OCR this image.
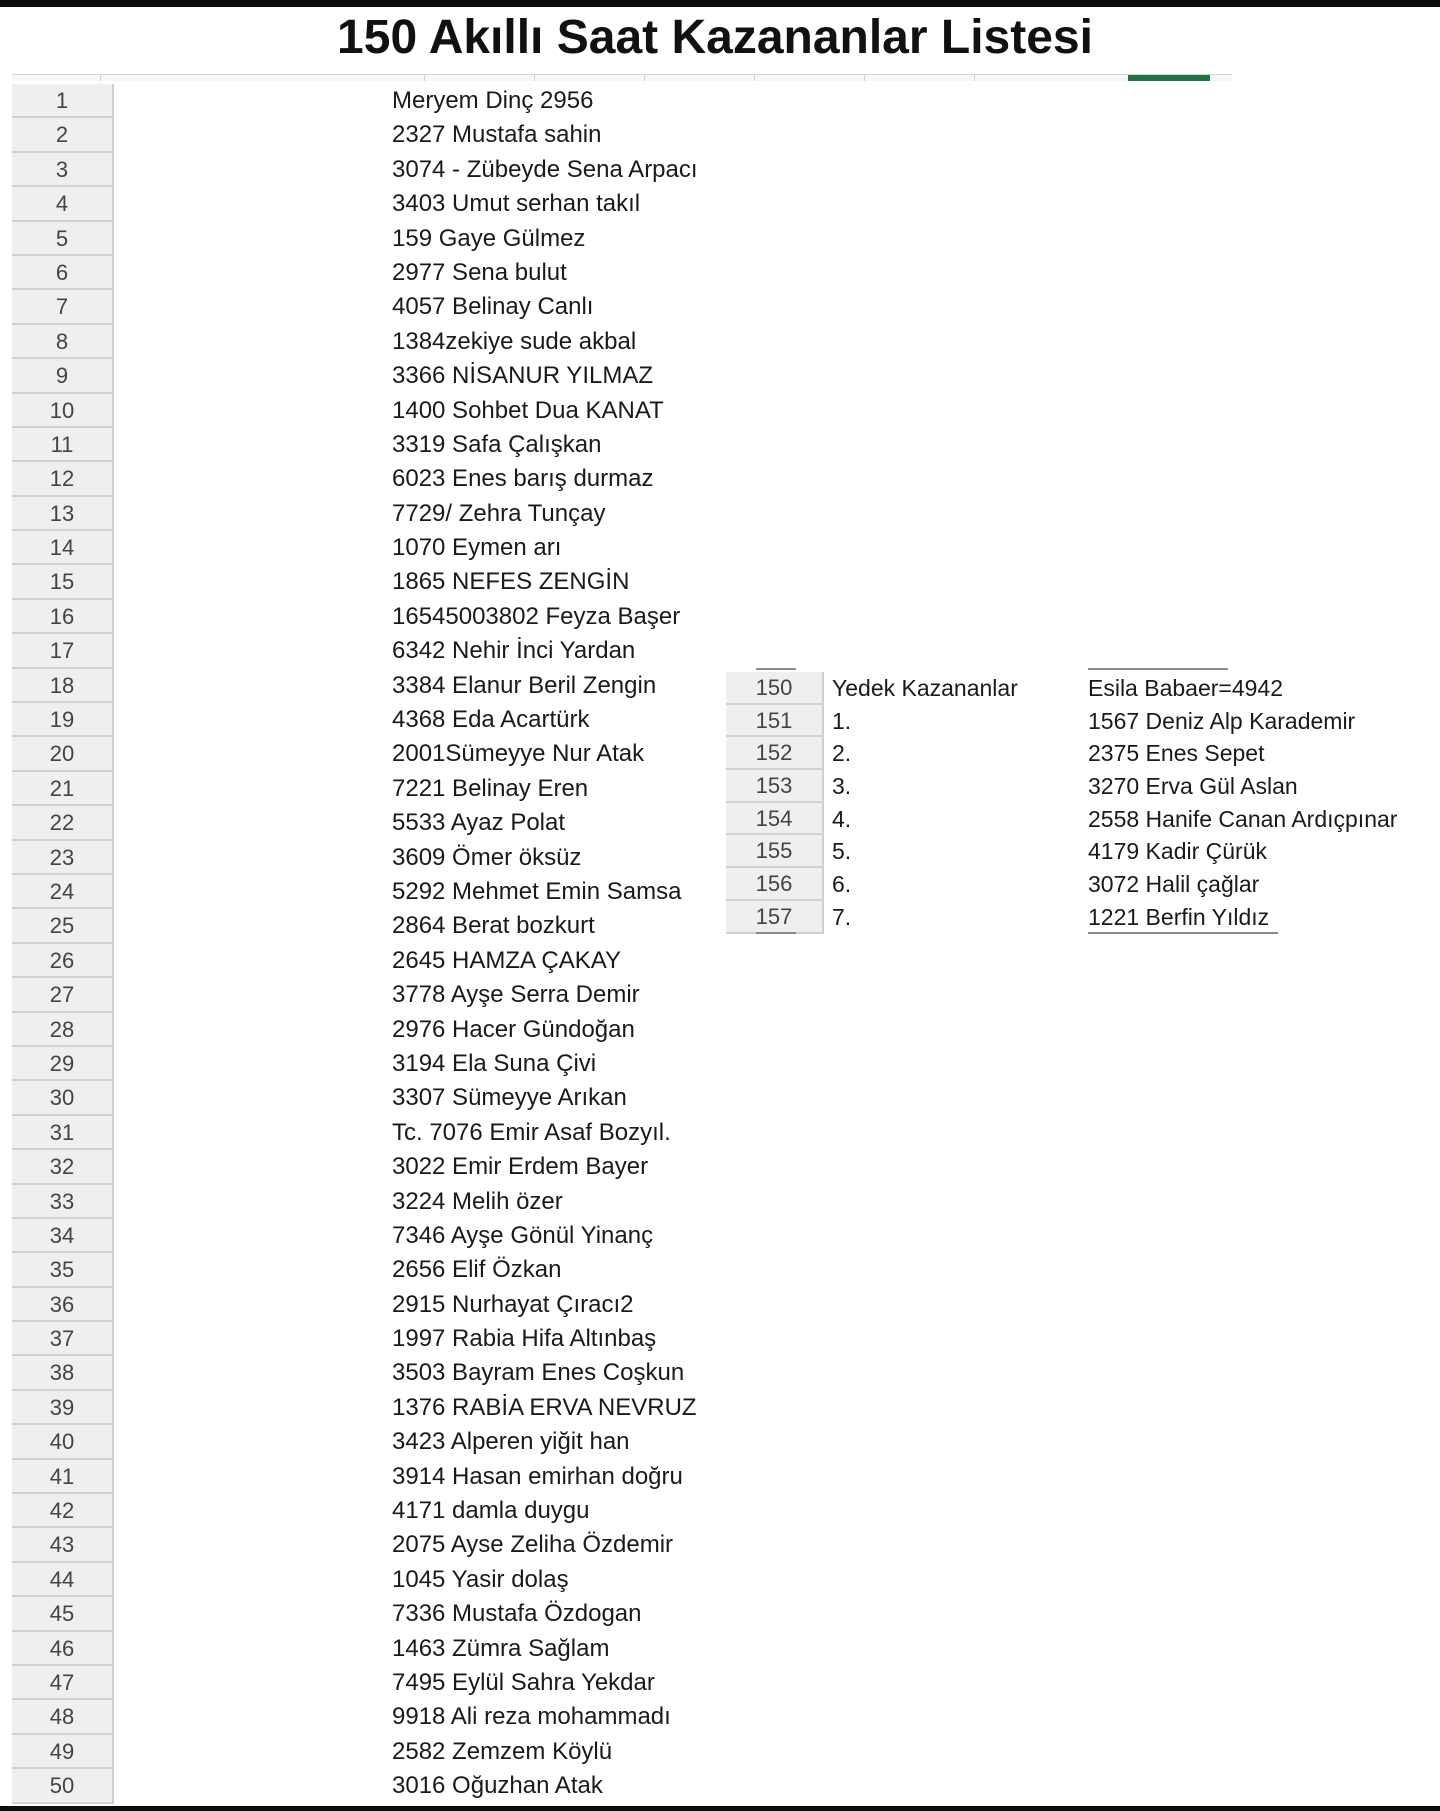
150 Akıllı Saat Kazananlar Listesi
1	Meryem Dinç 2956
2	2327 Mustafa sahin
3	3074 - Zübeyde Sena Arpacı
4	3403 Umut serhan takıl
5	159 Gaye Gülmez
6	2977 Sena bulut
7	4057 Belinay Canlı
8	1384zekiye sude akbal
9	3366 NİSANUR YILMAZ
10	1400 Sohbet Dua KANAT
11	3319 Safa Çalışkan
12	6023 Enes barış durmaz
13	7729/ Zehra Tunçay
14	1070 Eymen arı
15	1865 NEFES ZENGİN
16	16545003802 Feyza Başer
17	6342 Nehir İnci Yardan
18	3384 Elanur Beril Zengin
19	4368 Eda Acartürk
20	2001Sümeyye Nur Atak
21	7221 Belinay Eren
22	5533 Ayaz Polat
23	3609 Ömer öksüz
24	5292 Mehmet Emin Samsa
25	2864 Berat bozkurt
26	2645 HAMZA ÇAKAY
27	3778 Ayşe Serra Demir
28	2976 Hacer Gündoğan
29	3194 Ela Suna Çivi
30	3307 Sümeyye Arıkan
31	Tc. 7076 Emir Asaf Bozyıl.
32	3022 Emir Erdem Bayer
33	3224 Melih özer
34	7346 Ayşe Gönül Yinanç
35	2656 Elif Özkan
36	2915 Nurhayat Çıracı2
37	1997 Rabia Hifa Altınbaş
38	3503 Bayram Enes Coşkun
39	1376 RABİA ERVA NEVRUZ
40	3423 Alperen yiğit han
41	3914 Hasan emirhan doğru
42	4171 damla duygu
43	2075 Ayse Zeliha Özdemir
44	1045 Yasir dolaş
45	7336 Mustafa Özdogan
46	1463 Zümra Sağlam
47	7495 Eylül Sahra Yekdar
48	9918 Ali reza mohammadı
49	2582 Zemzem Köylü
50	3016 Oğuzhan Atak
150	Yedek Kazananlar	Esila Babaer=4942
151	1.	1567 Deniz Alp Karademir
152	2.	2375 Enes Sepet
153	3.	3270 Erva Gül Aslan
154	4.	2558 Hanife Canan Ardıçpınar
155	5.	4179 Kadir Çürük
156	6.	3072 Halil çağlar
157	7.	1221 Berfin Yıldız
